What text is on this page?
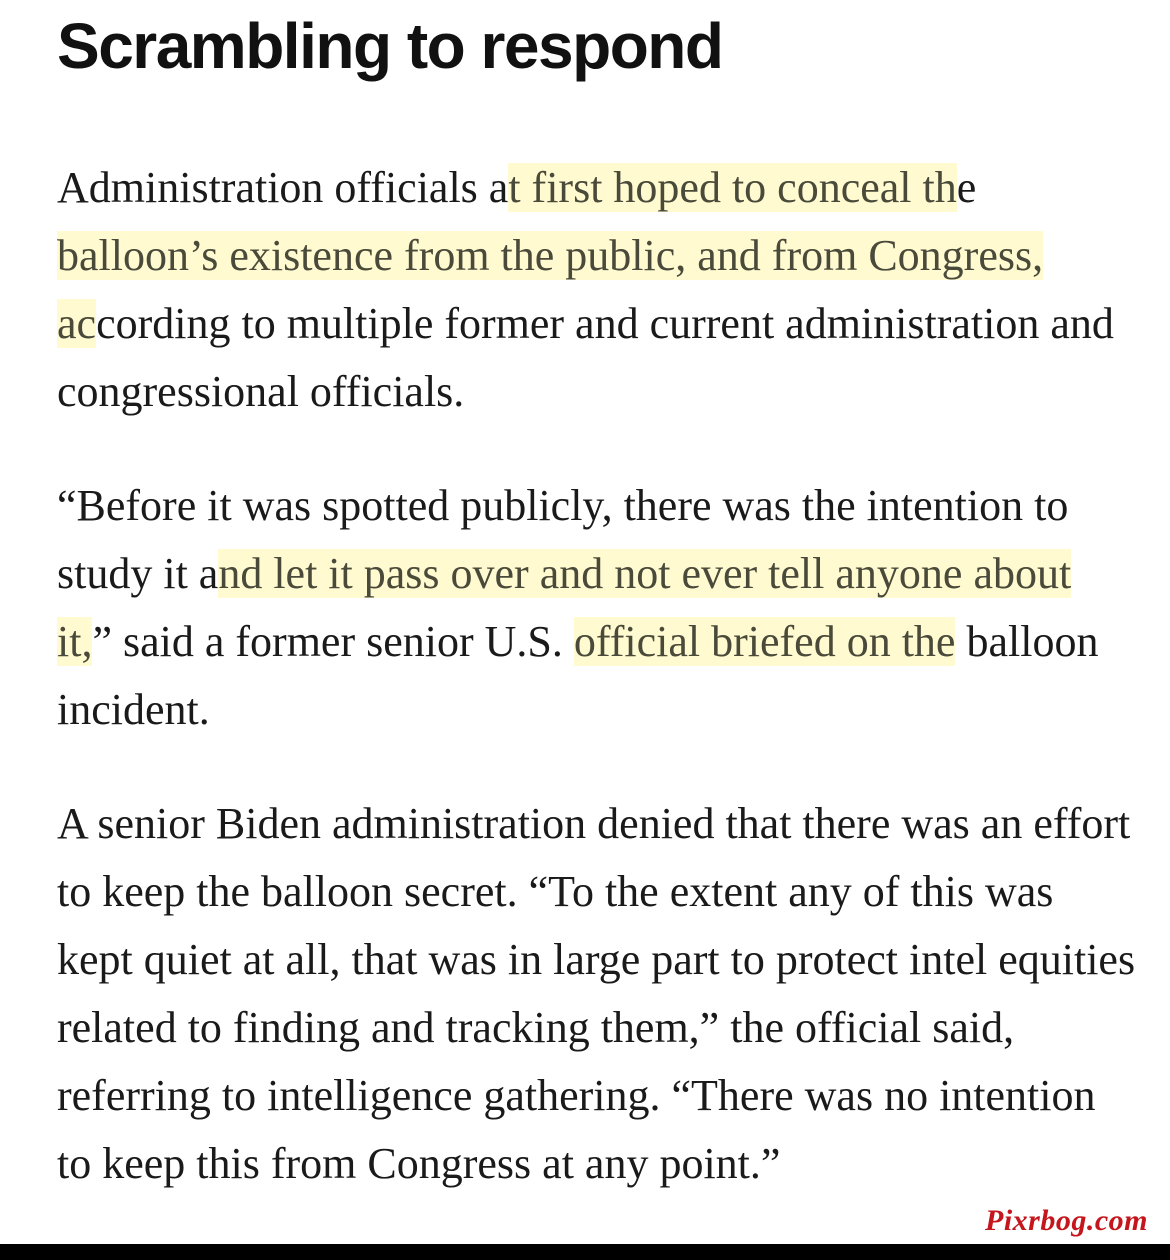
Scrambling to respond

Administration officials at first hoped to conceal the balloon’s existence from the public, and from Congress, according to multiple former and current administration and congressional officials.

“Before it was spotted publicly, there was the intention to study it and let it pass over and not ever tell anyone about it,” said a former senior U.S. official briefed on the balloon incident.

A senior Biden administration denied that there was an effort to keep the balloon secret. “To the extent any of this was kept quiet at all, that was in large part to protect intel equities related to finding and tracking them,” the official said, referring to intelligence gathering. “There was no intention to keep this from Congress at any point.”

Pixrbog.com
